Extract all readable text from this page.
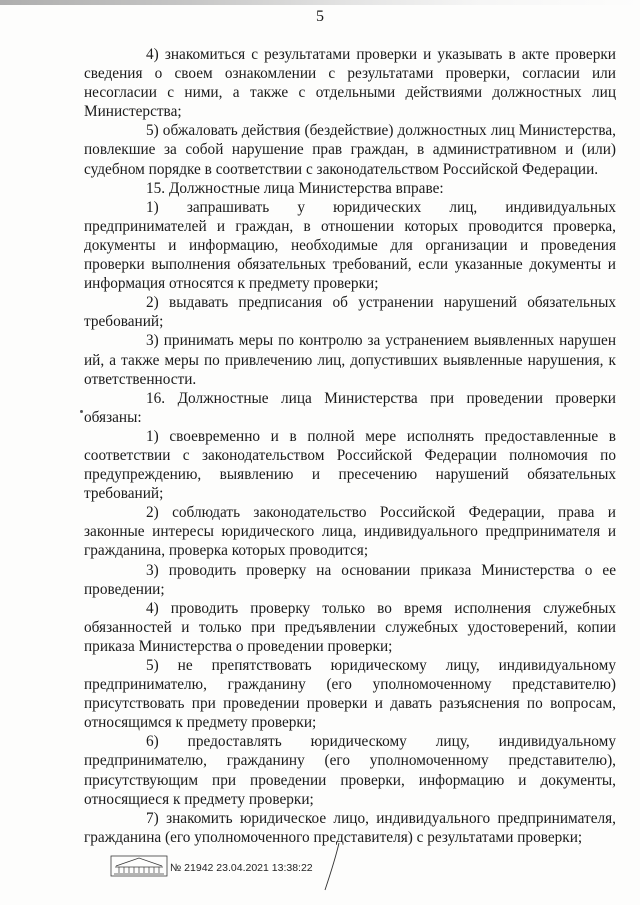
5

4) знакомиться с результатами проверки и указывать в акте проверки сведения о своем ознакомлении с результатами проверки, согласии или несогласии с ними, а также с отдельными действиями должностных лиц Министерства;

5) обжаловать действия (бездействие) должностных лиц Министерства, повлекшие за собой нарушение прав граждан, в административном и (или) судебном порядке в соответствии с законодательством Российской Федерации.

15. Должностные лица Министерства вправе:

1) запрашивать у юридических лиц, индивидуальных предпринимателей и граждан, в отношении которых проводится проверка, документы и информацию, необходимые для организации и проведения проверки выполнения обязательных требований, если указанные документы и информация относятся к предмету проверки;

2) выдавать предписания об устранении нарушений обязательных требований;

3) принимать меры по контролю за устранением выявленных нарушен ий, а также меры по привлечению лиц, допустивших выявленные нарушения, к ответственности.

16. Должностные лица Министерства при проведении проверки обязаны:

1) своевременно и в полной мере исполнять предоставленные в соответствии с законодательством Российской Федерации полномочия по предупреждению, выявлению и пресечению нарушений обязательных требований;

2) соблюдать законодательство Российской Федерации, права и законные интересы юридического лица, индивидуального предпринимателя и гражданина, проверка которых проводится;

3) проводить проверку на основании приказа Министерства о ее проведении;

4) проводить проверку только во время исполнения служебных обязанностей и только при предъявлении служебных удостоверений, копии приказа Министерства о проведении проверки;

5) не препятствовать юридическому лицу, индивидуальному предпринимателю, гражданину (его уполномоченному представителю) присутствовать при проведении проверки и давать разъяснения по вопросам, относящимся к предмету проверки;

6) предоставлять юридическому лицу, индивидуальному предпринимателю, гражданину (его уполномоченному представителю), присутствующим при проведении проверки, информацию и документы, относящиеся к предмету проверки;

7) знакомить юридическое лицо, индивидуального предпринимателя, гражданина (его уполномоченного представителя) с результатами проверки;

№ 21942 23.04.2021 13:38:22
